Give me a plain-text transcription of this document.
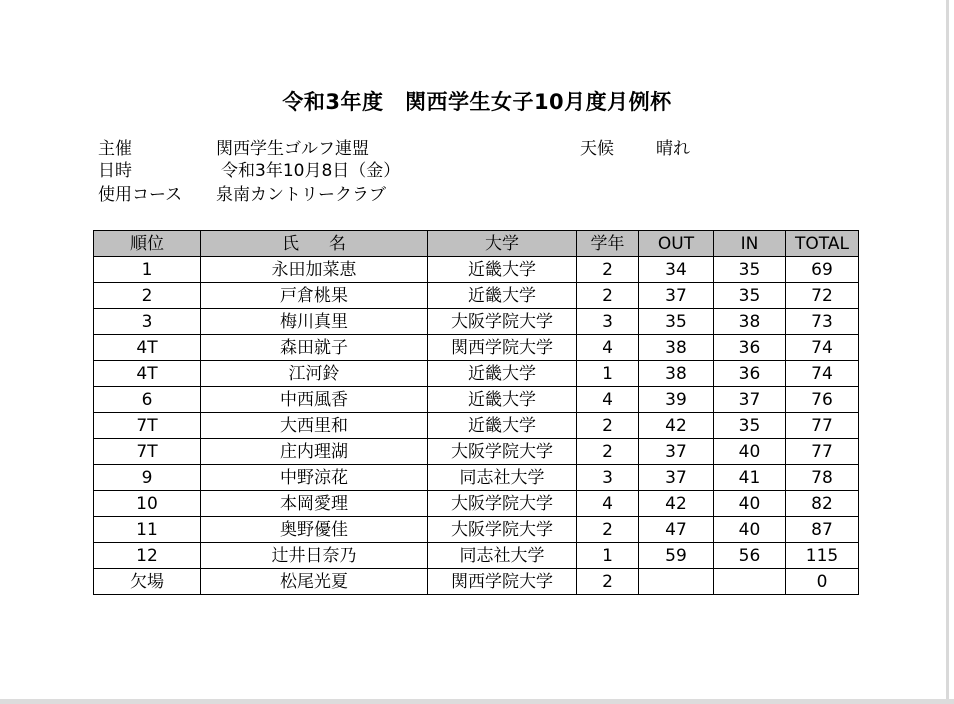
令和3年度　関西学生女子10月度月例杯
主催	関西学生ゴルフ連盟
日時	令和3年10月8日（金）
使用コース 泉南カントリークラブ
天候 晴れ
順位	氏 名	大学	学年	OUT	IN	TOTAL
1	永田加菜恵	近畿大学	2	34	35	69
2	戸倉桃果	近畿大学	2	37	35	72
3	梅川真里	大阪学院大学	3	35	38	73
4T	森田就子	関西学院大学	4	38	36	74
4T	江河鈴	近畿大学	1	38	36	74
6	中西風香	近畿大学	4	39	37	76
7T	大西里和	近畿大学	2	42	35	77
7T	庄内理湖	大阪学院大学	2	37	40	77
9	中野涼花	同志社大学	3	37	41	78
10	本岡愛理	大阪学院大学	4	42	40	82
11	奥野優佳	大阪学院大学	2	47	40	87
12	辻井日奈乃	同志社大学	1	59	56	115
欠場	松尾光夏	関西学院大学	2			0
